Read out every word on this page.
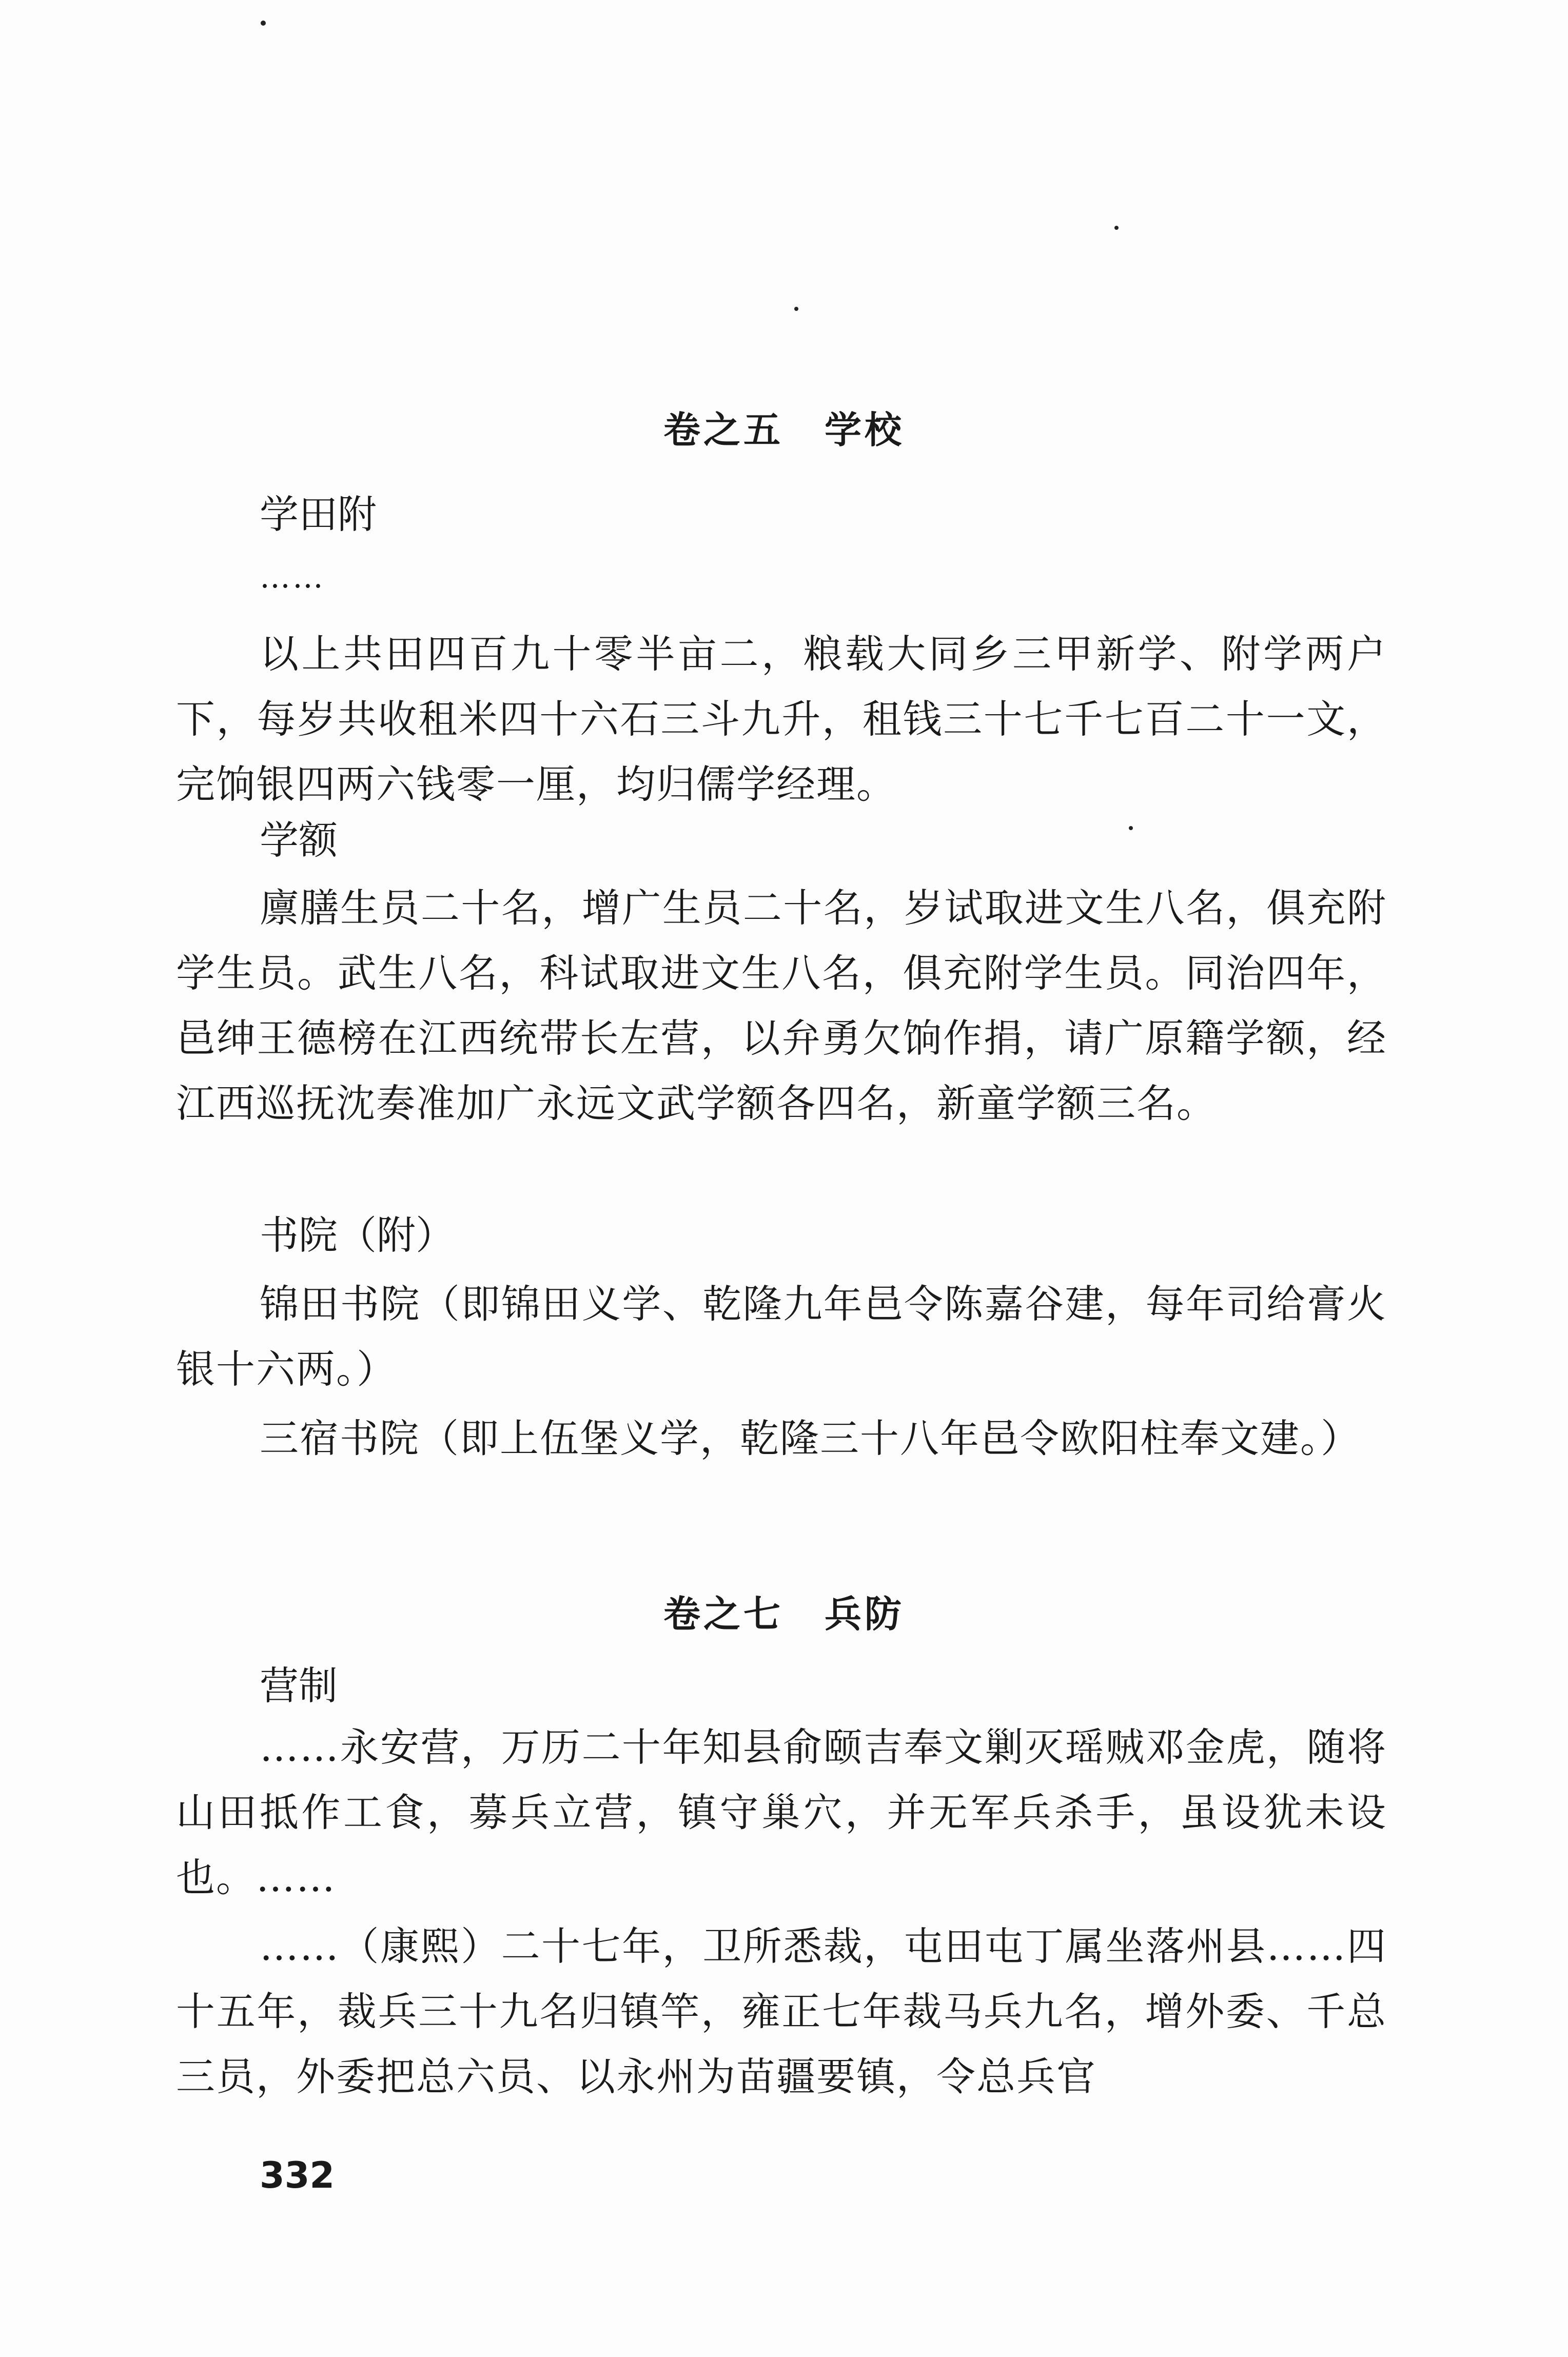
卷之五 学校
学田附
……
以上共田四百九十零半亩二，粮载大同乡三甲新学、附学两户下，每岁共收租米四十六石三斗九升，租钱三十七千七百二十一文，完饷银四两六钱零一厘，均归儒学经理。
学额
廪膳生员二十名，增广生员二十名，岁试取进文生八名，俱充附学生员。武生八名，科试取进文生八名，俱充附学生员。同治四年，邑绅王德榜在江西统带长左营，以弁勇欠饷作捐，请广原籍学额，经江西巡抚沈奏准加广永远文武学额各四名，新童学额三名。
书院（附）
锦田书院（即锦田义学、乾隆九年邑令陈嘉谷建，每年司给膏火银十六两。）
三宿书院（即上伍堡义学，乾隆三十八年邑令欧阳柱奉文建。）
卷之七 兵防
营制
……永安营，万历二十年知县俞颐吉奉文剿灭瑶贼邓金虎，随将山田抵作工食，募兵立营，镇守巢穴，并无军兵杀手，虽设犹未设也。……
……（康熙）二十七年，卫所悉裁，屯田屯丁属坐落州县……四十五年，裁兵三十九名归镇竿，雍正七年裁马兵九名，增外委、千总三员，外委把总六员、以永州为苗疆要镇，令总兵官
332
